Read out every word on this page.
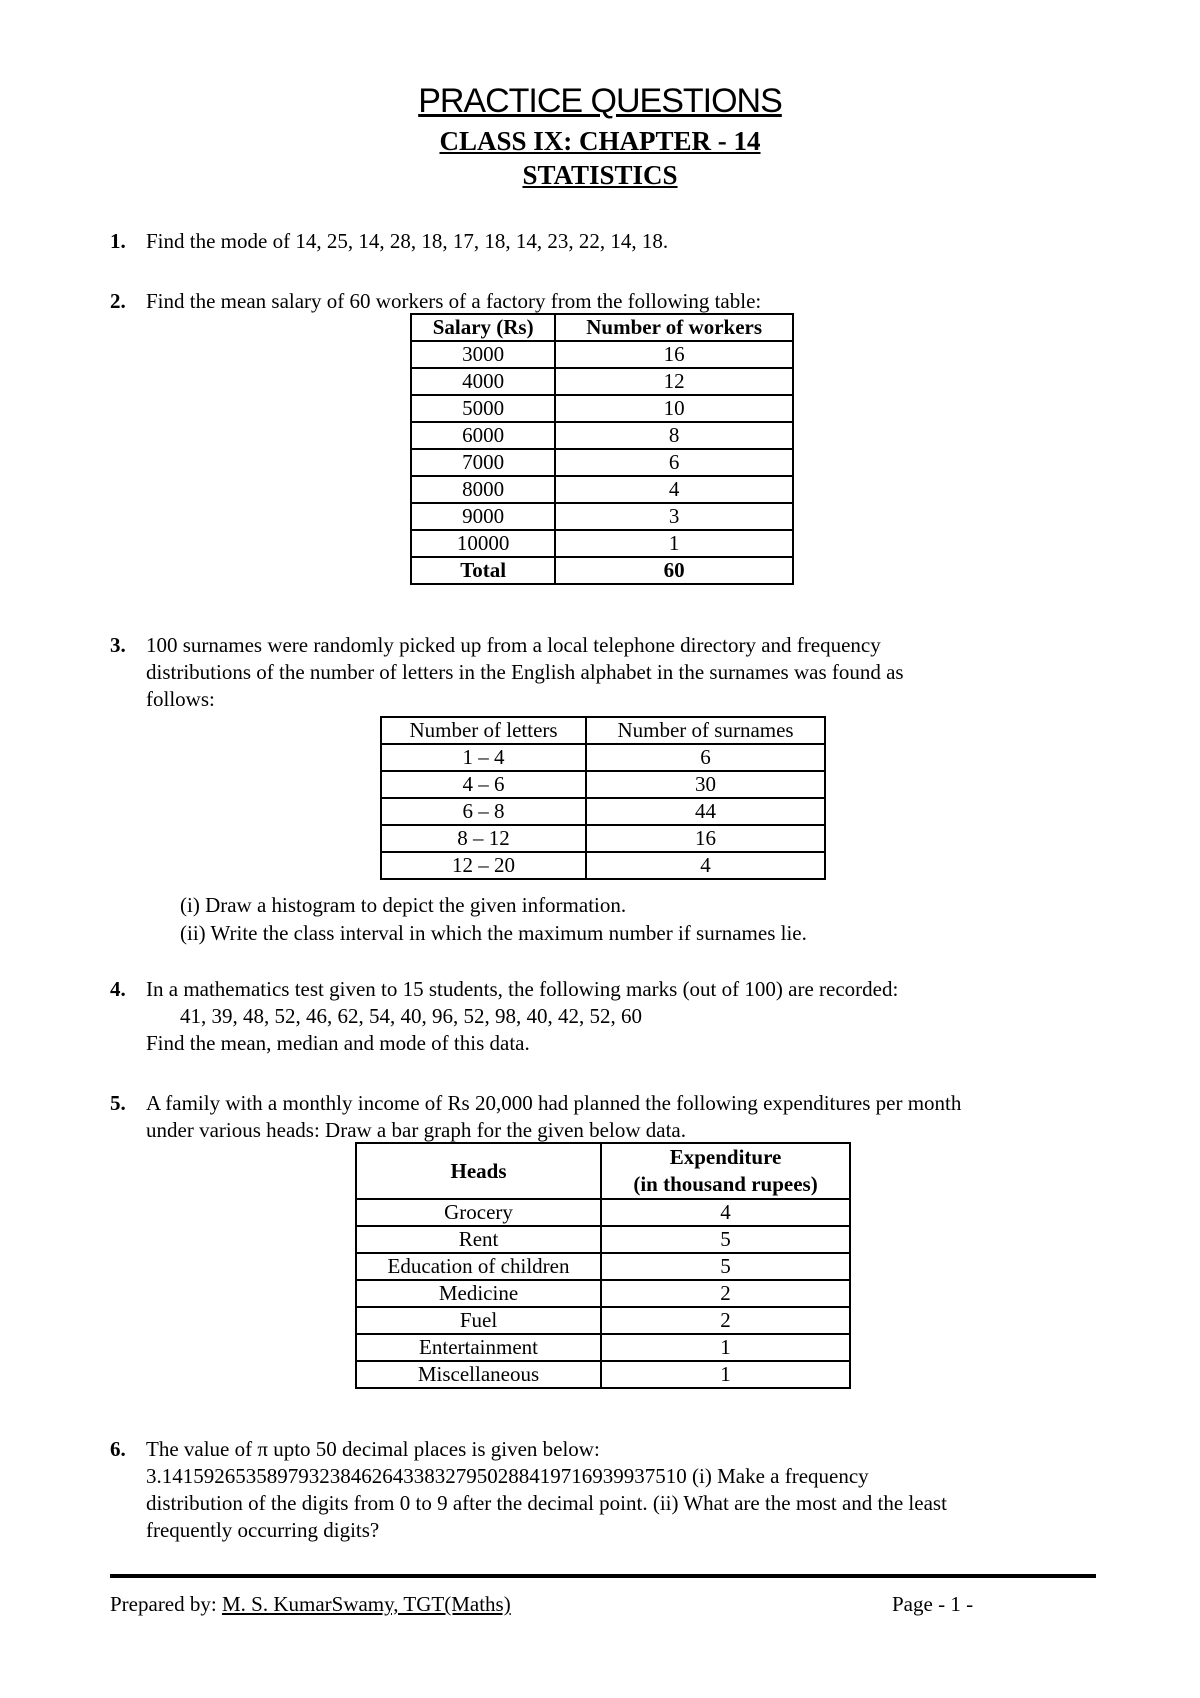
PRACTICE QUESTIONS
CLASS IX: CHAPTER - 14
STATISTICS
1. Find the mode of 14, 25, 14, 28, 18, 17, 18, 14, 23, 22, 14, 18.
2. Find the mean salary of 60 workers of a factory from the following table:
Salary (Rs)	Number of workers
3000	16
4000	12
5000	10
6000	8
7000	6
8000	4
9000	3
10000	1
Total	60
3. 100 surnames were randomly picked up from a local telephone directory and frequency
distributions of the number of letters in the English alphabet in the surnames was found as
follows:
Number of letters	Number of surnames
1 – 4	6
4 – 6	30
6 – 8	44
8 – 12	16
12 – 20	4
(i) Draw a histogram to depict the given information.
(ii) Write the class interval in which the maximum number if surnames lie.
4. In a mathematics test given to 15 students, the following marks (out of 100) are recorded:
41, 39, 48, 52, 46, 62, 54, 40, 96, 52, 98, 40, 42, 52, 60
Find the mean, median and mode of this data.
5. A family with a monthly income of Rs 20,000 had planned the following expenditures per month
under various heads: Draw a bar graph for the given below data.
Heads	Expenditure
(in thousand rupees)

Grocery	4
Rent	5
Education of children	5
Medicine	2
Fuel	2
Entertainment	1
Miscellaneous	1
6. The value of π upto 50 decimal places is given below:
3.14159265358979323846264338327950288419716939937510 (i) Make a frequency
distribution of the digits from 0 to 9 after the decimal point. (ii) What are the most and the least
frequently occurring digits?
Prepared by: M. S. KumarSwamy, TGT(Maths)	Page - 1 -
